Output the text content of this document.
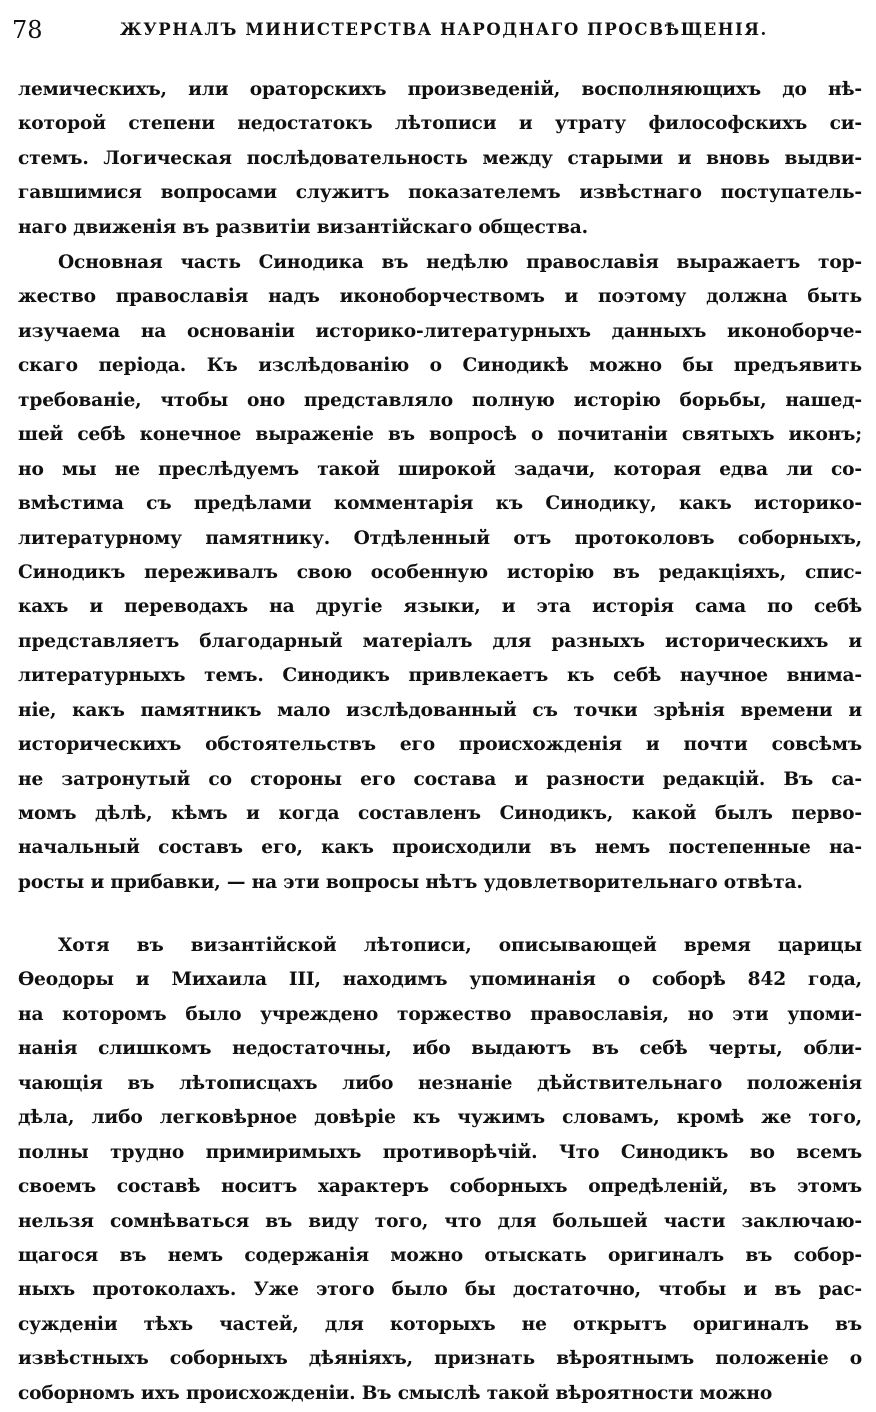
78	ЖУРНАЛЪ МИНИСТЕРСТВА НАРОДНАГО ПРОСВѢЩЕНІЯ.
лемическихъ, или ораторскихъ произведеній, восполняющихъ до нѣ-
которой степени недостатокъ лѣтописи и утрату философскихъ си-
стемъ. Логическая послѣдовательность между старыми и вновь выдви-
гавшимися вопросами служитъ показателемъ извѣстнаго поступатель-
наго движенія въ развитіи византійскаго общества.
Основная часть Синодика въ недѣлю православія выражаетъ тор-
жество православія надъ иконоборчествомъ и поэтому должна быть
изучаема на основаніи историко-литературныхъ данныхъ иконоборче-
скаго періода. Къ изслѣдованію о Синодикѣ можно бы предъявить
требованіе, чтобы оно представляло полную исторію борьбы, нашед-
шей себѣ конечное выраженіе въ вопросѣ о почитаніи святыхъ иконъ;
но мы не преслѣдуемъ такой широкой задачи, которая едва ли со-
вмѣстима съ предѣлами комментарія къ Синодику, какъ историко-
литературному памятнику. Отдѣленный отъ протоколовъ соборныхъ,
Синодикъ переживалъ свою особенную исторію въ редакціяхъ, спис-
кахъ и переводахъ на другіе языки, и эта исторія сама по себѣ
представляетъ благодарный матеріалъ для разныхъ историческихъ и
литературныхъ темъ. Синодикъ привлекаетъ къ себѣ научное внима-
ніе, какъ памятникъ мало изслѣдованный съ точки зрѣнія времени и
историческихъ обстоятельствъ его происхожденія и почти совсѣмъ
не затронутый со стороны его состава и разности редакцій. Въ са-
момъ дѣлѣ, кѣмъ и когда составленъ Синодикъ, какой былъ перво-
начальный составъ его, какъ происходили въ немъ постепенные на-
росты и прибавки, — на эти вопросы нѣтъ удовлетворительнаго отвѣта.
Хотя въ византійской лѣтописи, описывающей время царицы
Ѳеодоры и Михаила III, находимъ упоминанія о соборѣ 842 года,
на которомъ было учреждено торжество православія, но эти упоми-
нанія слишкомъ недостаточны, ибо выдаютъ въ себѣ черты, обли-
чающія въ лѣтописцахъ либо незнаніе дѣйствительнаго положенія
дѣла, либо легковѣрное довѣріе къ чужимъ словамъ, кромѣ же того,
полны трудно примиримыхъ противорѣчій. Что Синодикъ во всемъ
своемъ составѣ носитъ характеръ соборныхъ опредѣленій, въ этомъ
нельзя сомнѣваться въ виду того, что для большей части заключаю-
щагося въ немъ содержанія можно отыскать оригиналъ въ собор-
ныхъ протоколахъ. Уже этого было бы достаточно, чтобы и въ рас-
сужденіи тѣхъ частей, для которыхъ не открытъ оригиналъ въ
извѣстныхъ соборныхъ дѣяніяхъ, признать вѣроятнымъ положеніе о
соборномъ ихъ происхожденіи. Въ смыслѣ такой вѣроятности можно
